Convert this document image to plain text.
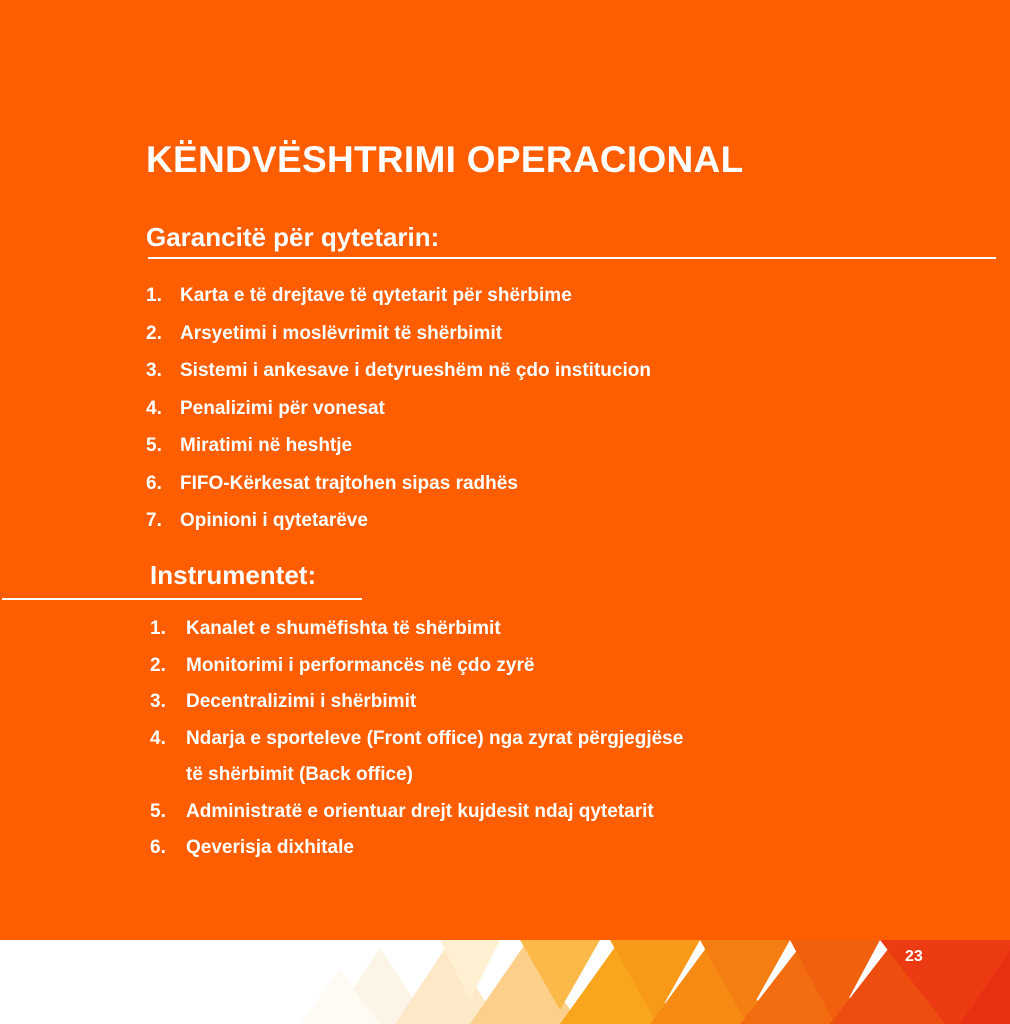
KËNDVËSHTRIMI OPERACIONAL
Garancitë për qytetarin:
1. Karta e të drejtave të qytetarit për shërbime
2. Arsyetimi i moslëvrimit të shërbimit
3. Sistemi i ankesave i detyrueshëm në çdo institucion
4. Penalizimi për vonesat
5. Miratimi në heshtje
6. FIFO-Kërkesat trajtohen sipas radhës
7. Opinioni i qytetarëve
Instrumentet:
1. Kanalet e shumëfishta të shërbimit
2. Monitorimi i performancës në çdo zyrë
3. Decentralizimi i shërbimit
4. Ndarja e sporteleve (Front office) nga zyrat përgjegjëse
të shërbimit (Back office)
5. Administratë e orientuar drejt kujdesit ndaj qytetarit
6. Qeverisja dixhitale
23
